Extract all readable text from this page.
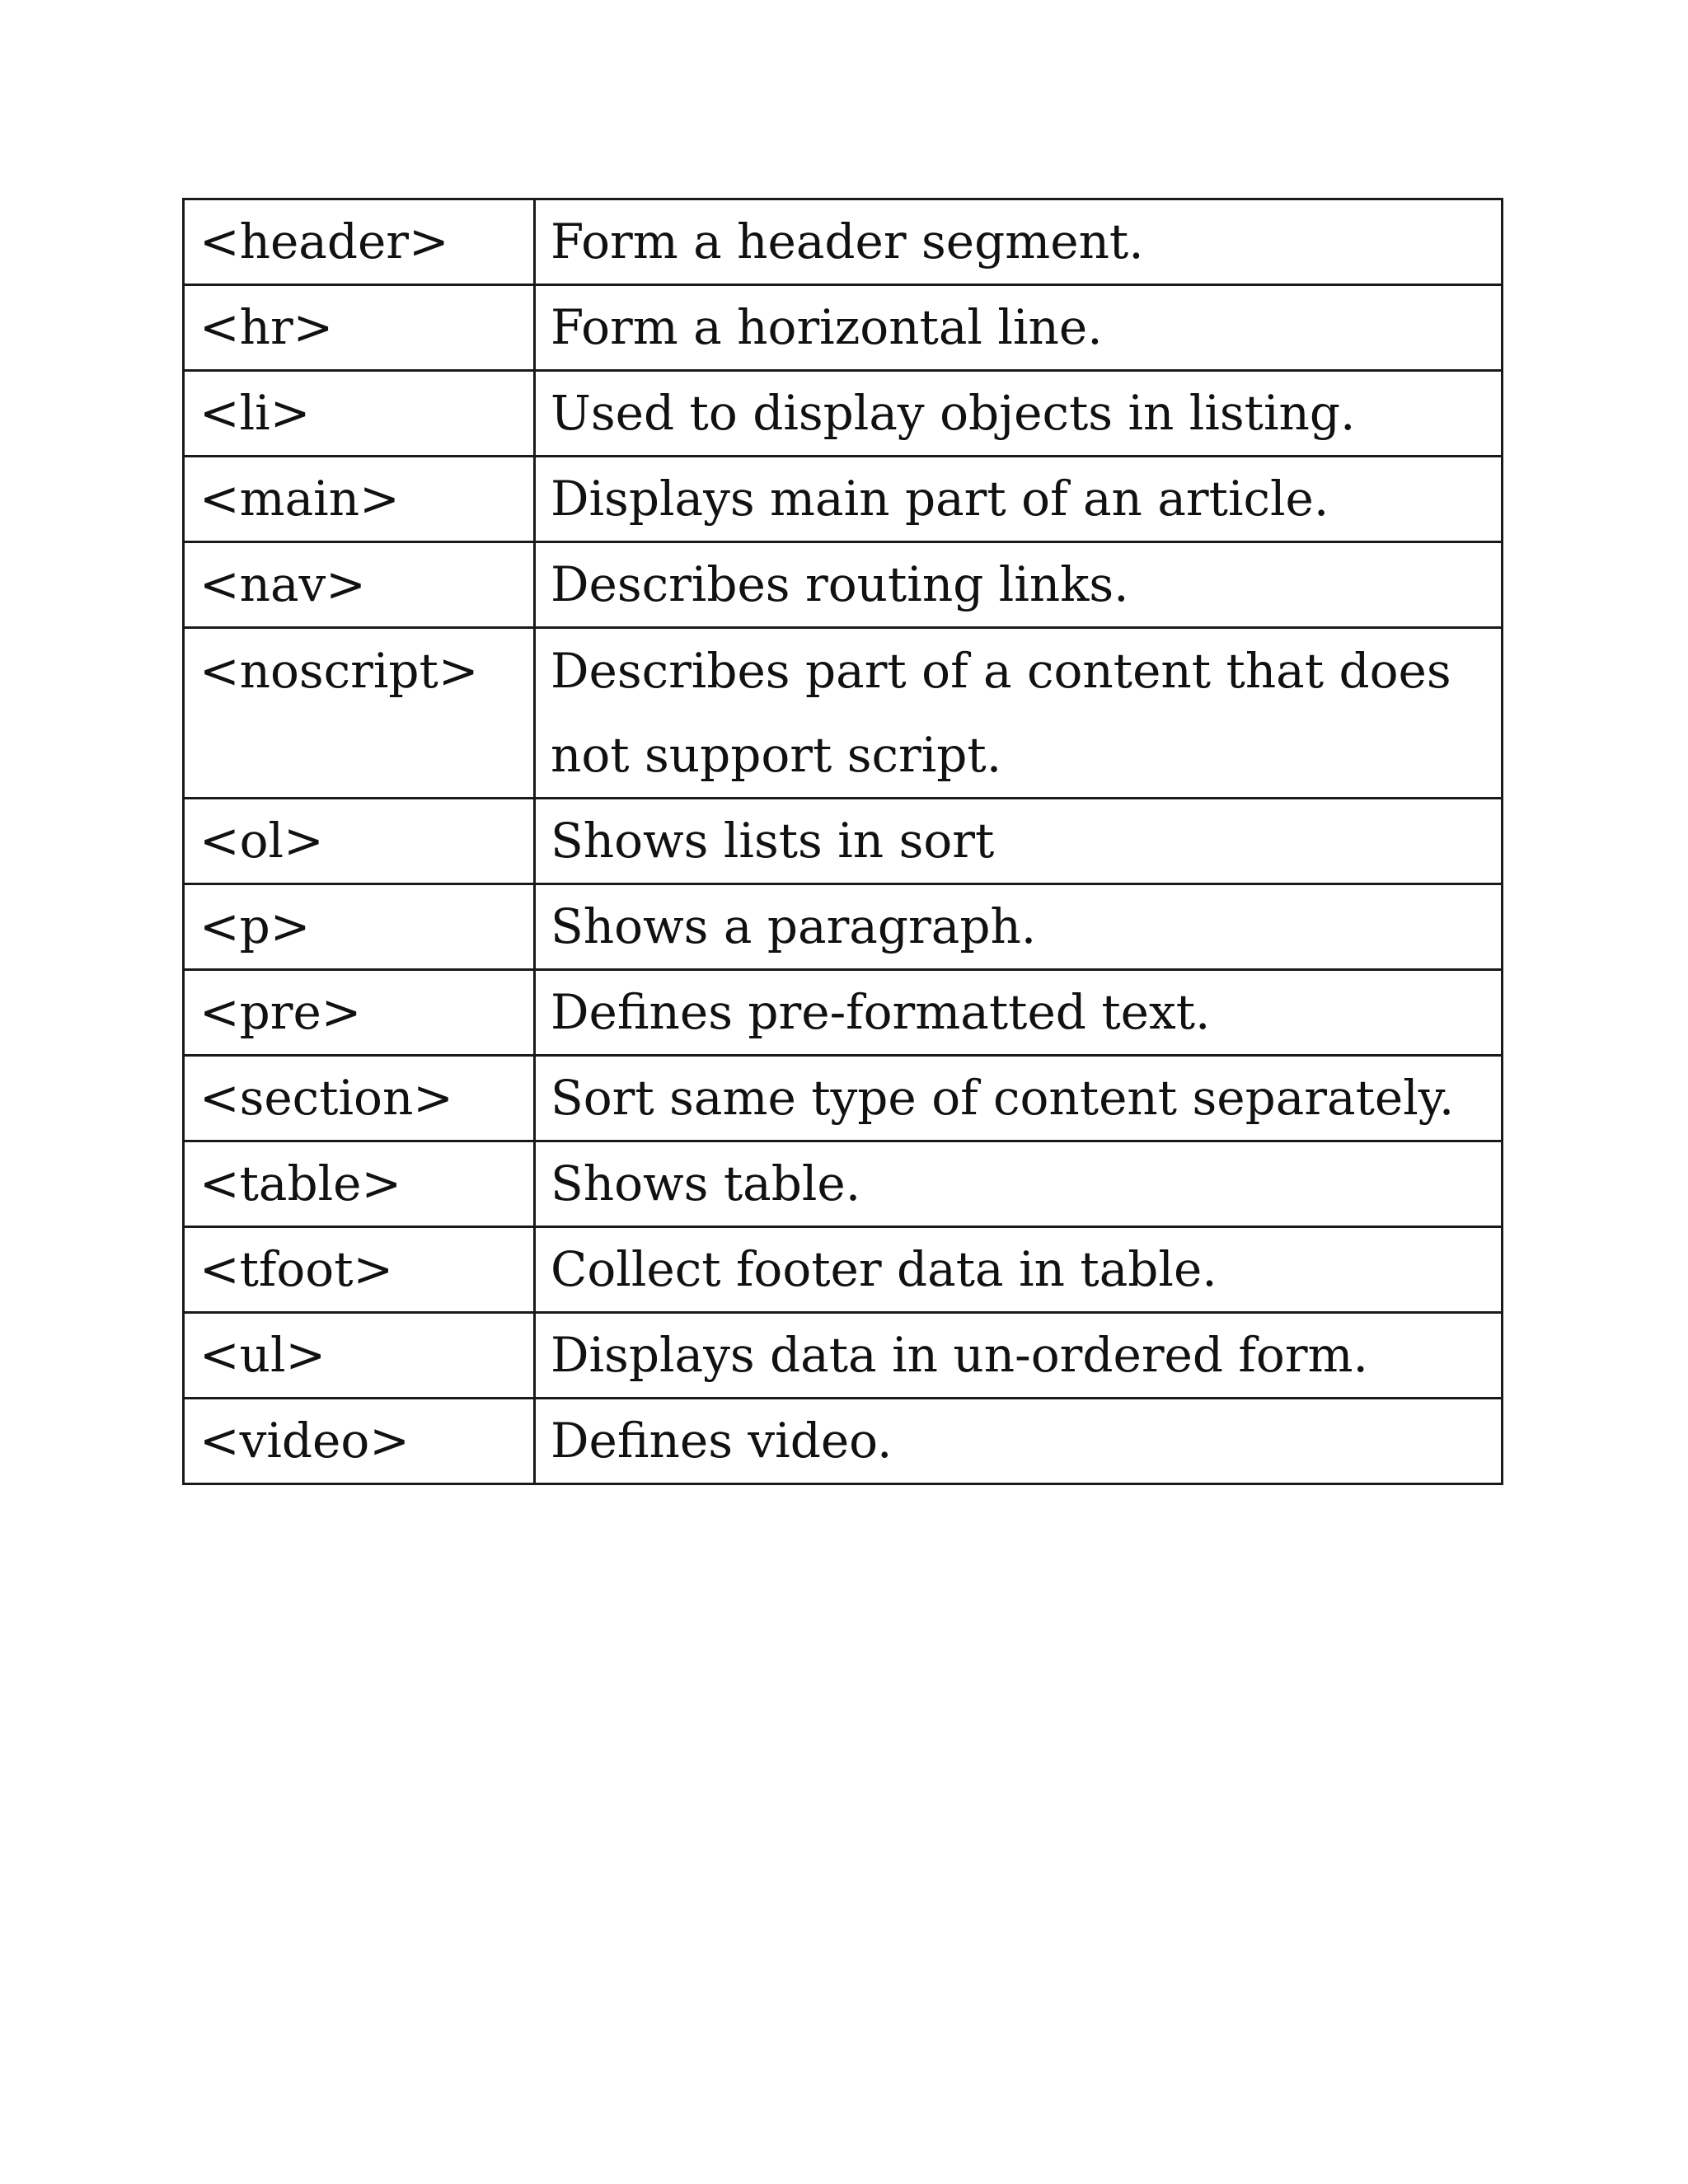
<header>	Form a header segment.
<hr>	Form a horizontal line.
<li>	Used to display objects in listing.
<main>	Displays main part of an article.
<nav>	Describes routing links.
<noscript>	Describes part of a content that does not support script.
<ol>	Shows lists in sort
<p>	Shows a paragraph.
<pre>	Defines pre-formatted text.
<section>	Sort same type of content separately.
<table>	Shows table.
<tfoot>	Collect footer data in table.
<ul>	Displays data in un-ordered form.
<video>	Defines video.
